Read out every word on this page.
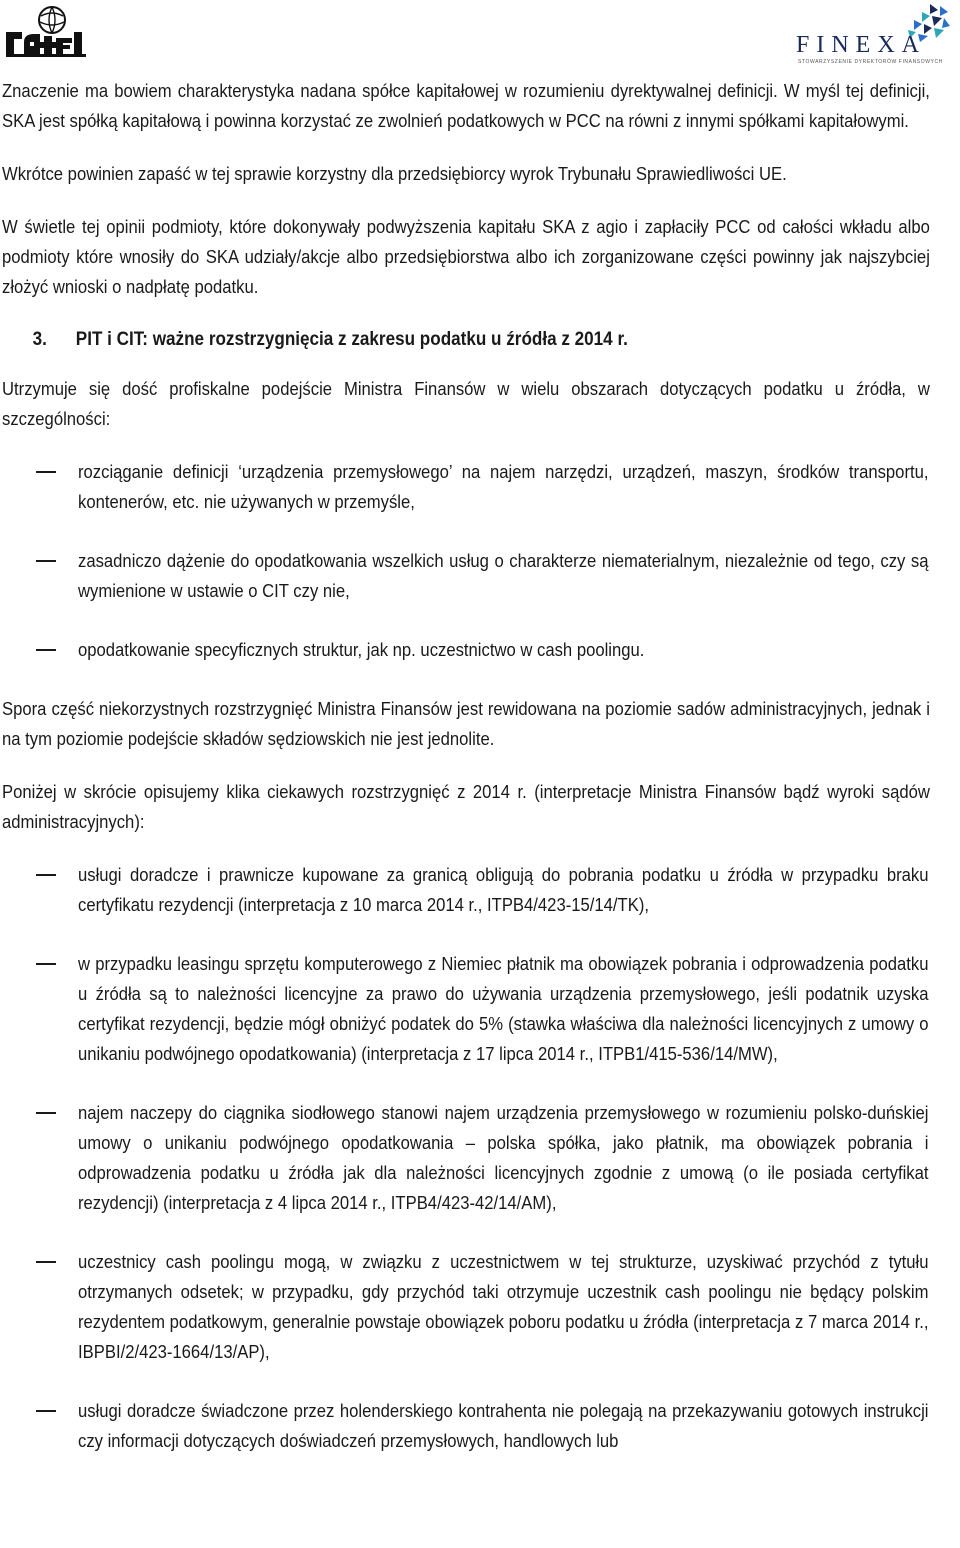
FINEXA
STOWARZYSZENIE DYREKTORÓW FINANSOWYCH

Znaczenie ma bowiem charakterystyka nadana spółce kapitałowej w rozumieniu dyrektywalnej definicji. W myśl tej definicji, SKA jest spółką kapitałową i powinna korzystać ze zwolnień podatkowych w PCC na równi z innymi spółkami kapitałowymi.

Wkrótce powinien zapaść w tej sprawie korzystny dla przedsiębiorcy wyrok Trybunału Sprawiedliwości UE.

W świetle tej opinii podmioty, które dokonywały podwyższenia kapitału SKA z agio i zapłaciły PCC od całości wkładu albo podmioty które wnosiły do SKA udziały/akcje albo przedsiębiorstwa albo ich zorganizowane części powinny jak najszybciej złożyć wnioski o nadpłatę podatku.

3. PIT i CIT: ważne rozstrzygnięcia z zakresu podatku u źródła z 2014 r.

Utrzymuje się dość profiskalne podejście Ministra Finansów w wielu obszarach dotyczących podatku u źródła, w szczególności:

rozciąganie definicji ‘urządzenia przemysłowego’ na najem narzędzi, urządzeń, maszyn, środków transportu, kontenerów, etc. nie używanych w przemyśle,

zasadniczo dążenie do opodatkowania wszelkich usług o charakterze niematerialnym, niezależnie od tego, czy są wymienione w ustawie o CIT czy nie,

opodatkowanie specyficznych struktur, jak np. uczestnictwo w cash poolingu.

Spora część niekorzystnych rozstrzygnięć Ministra Finansów jest rewidowana na poziomie sadów administracyjnych, jednak i na tym poziomie podejście składów sędziowskich nie jest jednolite.

Poniżej w skrócie opisujemy klika ciekawych rozstrzygnięć z 2014 r. (interpretacje Ministra Finansów bądź wyroki sądów administracyjnych):

usługi doradcze i prawnicze kupowane za granicą obligują do pobrania podatku u źródła w przypadku braku certyfikatu rezydencji (interpretacja z 10 marca 2014 r., ITPB4/423-15/14/TK),

w przypadku leasingu sprzętu komputerowego z Niemiec płatnik ma obowiązek pobrania i odprowadzenia podatku u źródła są to należności licencyjne za prawo do używania urządzenia przemysłowego, jeśli podatnik uzyska certyfikat rezydencji, będzie mógł obniżyć podatek do 5% (stawka właściwa dla należności licencyjnych z umowy o unikaniu podwójnego opodatkowania) (interpretacja z 17 lipca 2014 r., ITPB1/415-536/14/MW),

najem naczepy do ciągnika siodłowego stanowi najem urządzenia przemysłowego w rozumieniu polsko-duńskiej umowy o unikaniu podwójnego opodatkowania – polska spółka, jako płatnik, ma obowiązek pobrania i odprowadzenia podatku u źródła jak dla należności licencyjnych zgodnie z umową (o ile posiada certyfikat rezydencji) (interpretacja z 4 lipca 2014 r., ITPB4/423-42/14/AM),

uczestnicy cash poolingu mogą, w związku z uczestnictwem w tej strukturze, uzyskiwać przychód z tytułu otrzymanych odsetek; w przypadku, gdy przychód taki otrzymuje uczestnik cash poolingu nie będący polskim rezydentem podatkowym, generalnie powstaje obowiązek poboru podatku u źródła (interpretacja z 7 marca 2014 r., IBPBI/2/423-1664/13/AP),

usługi doradcze świadczone przez holenderskiego kontrahenta nie polegają na przekazywaniu gotowych instrukcji czy informacji dotyczących doświadczeń przemysłowych, handlowych lub
